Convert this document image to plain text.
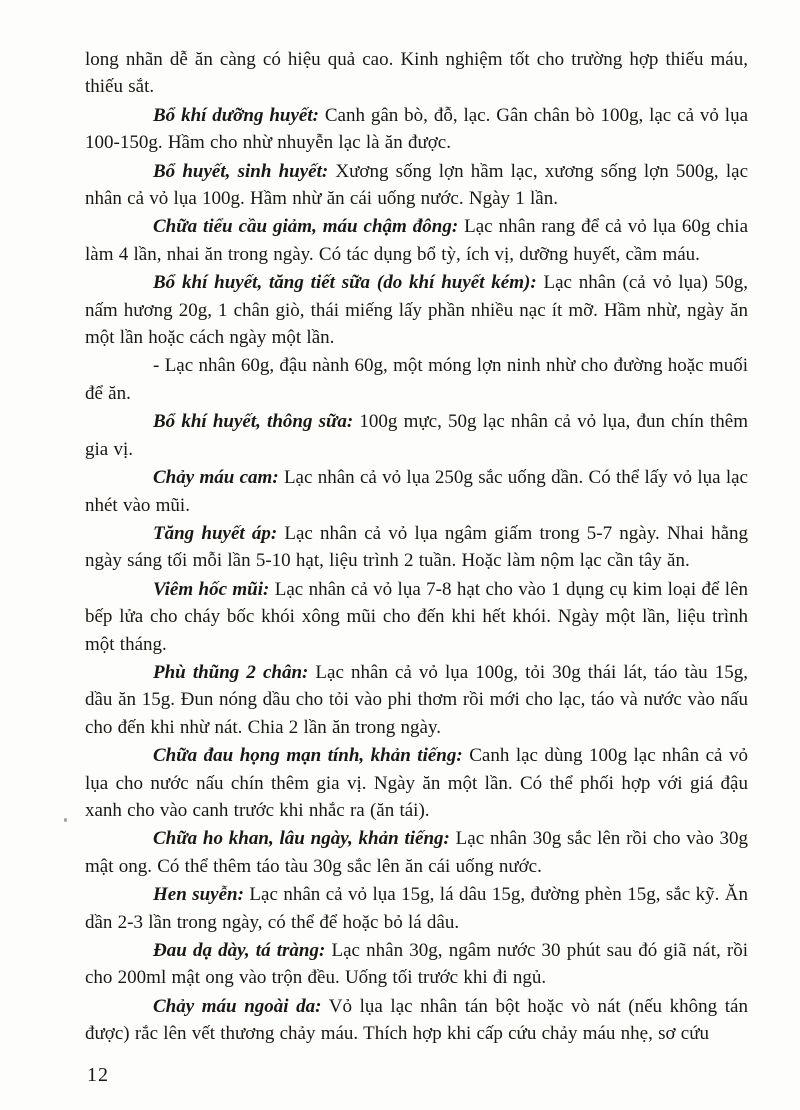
long nhãn dễ ăn càng có hiệu quả cao. Kinh nghiệm tốt cho trường hợp thiếu máu, thiếu sắt.

Bổ khí dưỡng huyết: Canh gân bò, đỗ, lạc. Gân chân bò 100g, lạc cả vỏ lụa 100-150g. Hầm cho nhừ nhuyễn lạc là ăn được.

Bổ huyết, sinh huyết: Xương sống lợn hầm lạc, xương sống lợn 500g, lạc nhân cả vỏ lụa 100g. Hầm nhừ ăn cái uống nước. Ngày 1 lần.

Chữa tiểu cầu giảm, máu chậm đông: Lạc nhân rang để cả vỏ lụa 60g chia làm 4 lần, nhai ăn trong ngày. Có tác dụng bổ tỳ, ích vị, dưỡng huyết, cầm máu.

Bổ khí huyết, tăng tiết sữa (do khí huyết kém): Lạc nhân (cả vỏ lụa) 50g, nấm hương 20g, 1 chân giò, thái miếng lấy phần nhiều nạc ít mỡ. Hầm nhừ, ngày ăn một lần hoặc cách ngày một lần.

- Lạc nhân 60g, đậu nành 60g, một móng lợn ninh nhừ cho đường hoặc muối để ăn.

Bổ khí huyết, thông sữa: 100g mực, 50g lạc nhân cả vỏ lụa, đun chín thêm gia vị.

Chảy máu cam: Lạc nhân cả vỏ lụa 250g sắc uống dần. Có thể lấy vỏ lụa lạc nhét vào mũi.

Tăng huyết áp: Lạc nhân cả vỏ lụa ngâm giấm trong 5-7 ngày. Nhai hằng ngày sáng tối mỗi lần 5-10 hạt, liệu trình 2 tuần. Hoặc làm nộm lạc cần tây ăn.

Viêm hốc mũi: Lạc nhân cả vỏ lụa 7-8 hạt cho vào 1 dụng cụ kim loại để lên bếp lửa cho cháy bốc khói xông mũi cho đến khi hết khói. Ngày một lần, liệu trình một tháng.

Phù thũng 2 chân: Lạc nhân cả vỏ lụa 100g, tỏi 30g thái lát, táo tàu 15g, dầu ăn 15g. Đun nóng dầu cho tỏi vào phi thơm rồi mới cho lạc, táo và nước vào nấu cho đến khi nhừ nát. Chia 2 lần ăn trong ngày.

Chữa đau họng mạn tính, khản tiếng: Canh lạc dùng 100g lạc nhân cả vỏ lụa cho nước nấu chín thêm gia vị. Ngày ăn một lần. Có thể phối hợp với giá đậu xanh cho vào canh trước khi nhắc ra (ăn tái).

Chữa ho khan, lâu ngày, khản tiếng: Lạc nhân 30g sắc lên rồi cho vào 30g mật ong. Có thể thêm táo tàu 30g sắc lên ăn cái uống nước.

Hen suyễn: Lạc nhân cả vỏ lụa 15g, lá dâu 15g, đường phèn 15g, sắc kỹ. Ăn dần 2-3 lần trong ngày, có thể để hoặc bỏ lá dâu.

Đau dạ dày, tá tràng: Lạc nhân 30g, ngâm nước 30 phút sau đó giã nát, rồi cho 200ml mật ong vào trộn đều. Uống tối trước khi đi ngủ.

Chảy máu ngoài da: Vỏ lụa lạc nhân tán bột hoặc vò nát (nếu không tán được) rắc lên vết thương chảy máu. Thích hợp khi cấp cứu chảy máu nhẹ, sơ cứu

12
